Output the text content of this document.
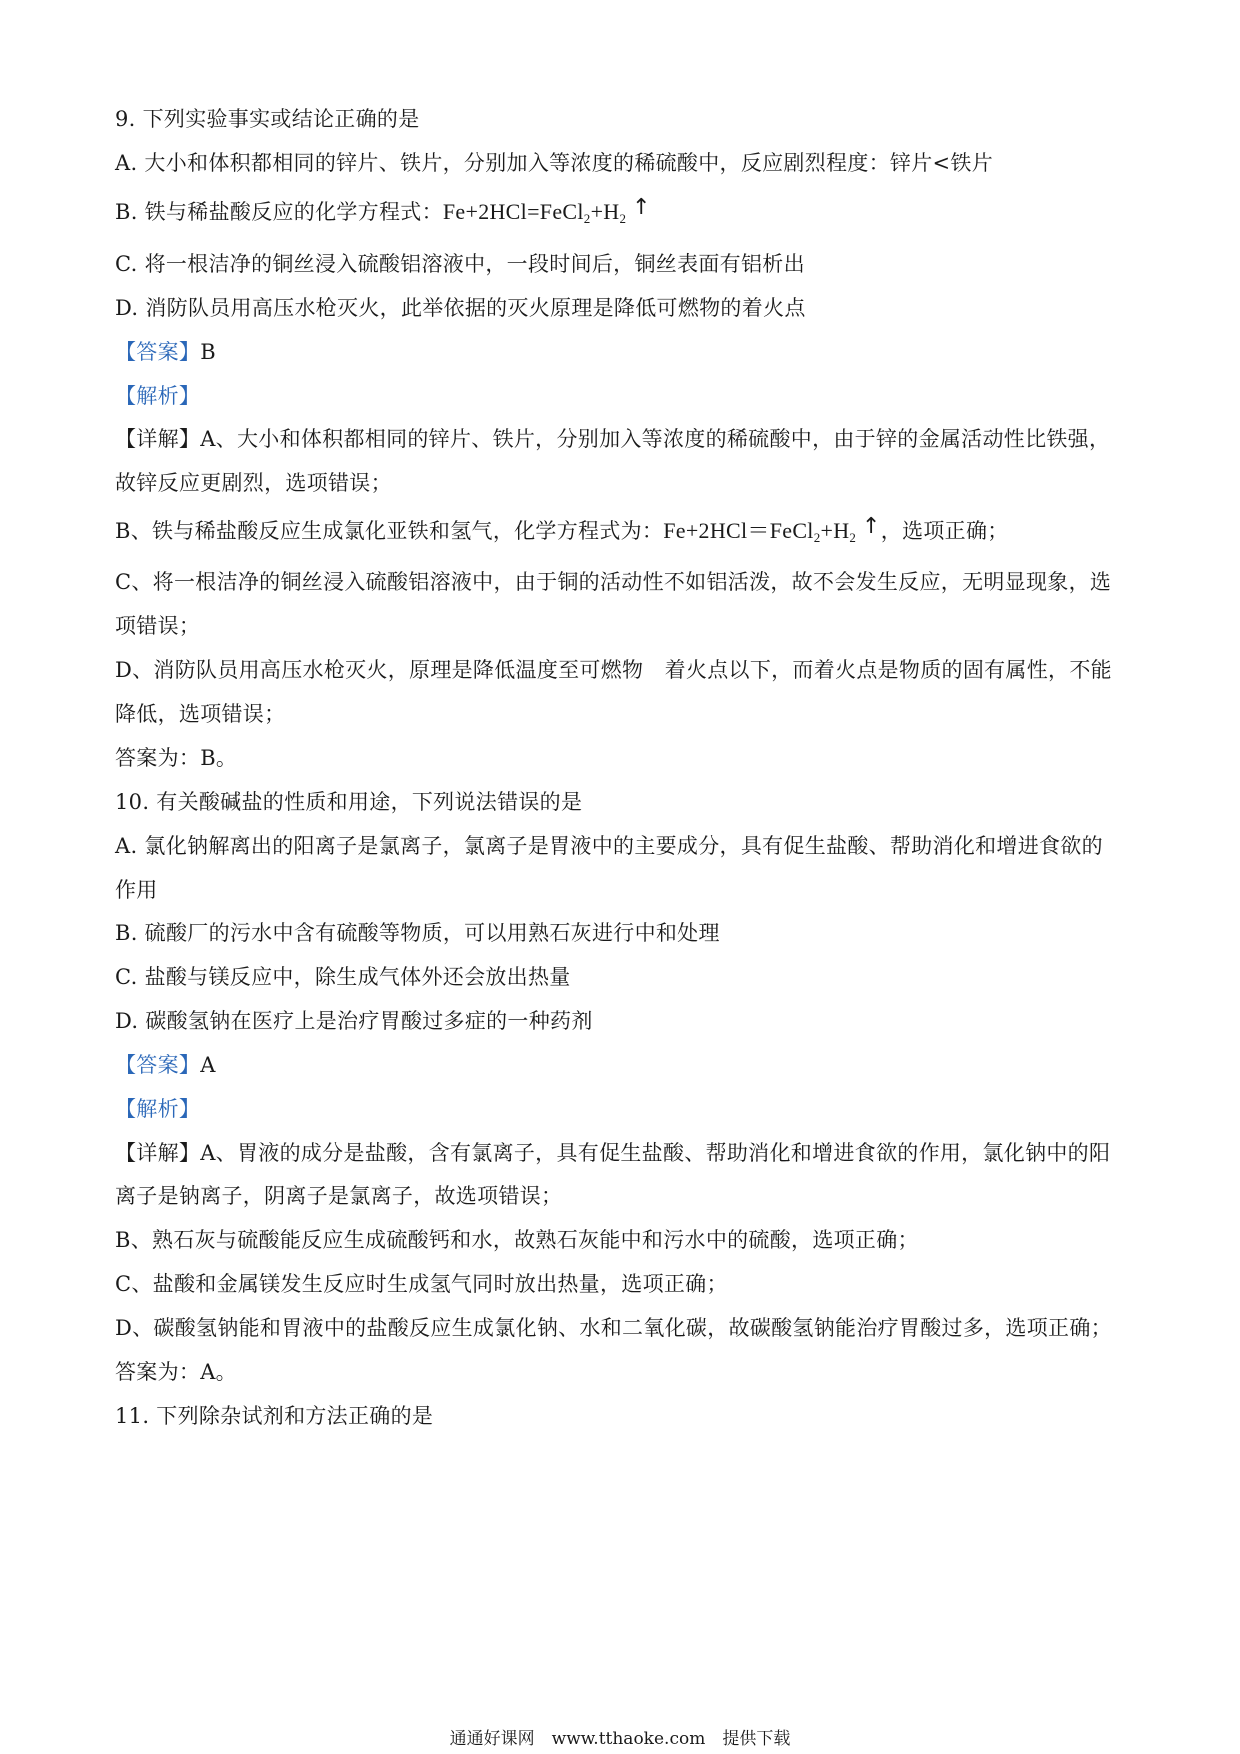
9. 下列实验事实或结论正确的是
A. 大小和体积都相同的锌片、铁片，分别加入等浓度的稀硫酸中，反应剧烈程度：锌片<铁片
B. 铁与稀盐酸反应的化学方程式：$Fe+2HCl=FeCl_2+H_2$ ↑
C. 将一根洁净的铜丝浸入硫酸铝溶液中，一段时间后，铜丝表面有铝析出
D. 消防队员用高压水枪灭火，此举依据的灭火原理是降低可燃物的着火点
【答案】B
【解析】
【详解】A、大小和体积都相同的锌片、铁片，分别加入等浓度的稀硫酸中，由于锌的金属活动性比铁强，
故锌反应更剧烈，选项错误；
B、铁与稀盐酸反应生成氯化亚铁和氢气，化学方程式为：$Fe+2HCl=FeCl_2+H_2$ ↑，选项正确；
C、将一根洁净的铜丝浸入硫酸铝溶液中，由于铜的活动性不如铝活泼，故不会发生反应，无明显现象，选
项错误；
D、消防队员用高压水枪灭火，原理是降低温度至可燃物　着火点以下，而着火点是物质的固有属性，不能
降低，选项错误；
答案为：B。
10. 有关酸碱盐的性质和用途，下列说法错误的是
A. 氯化钠解离出的阳离子是氯离子，氯离子是胃液中的主要成分，具有促生盐酸、帮助消化和增进食欲的
作用
B. 硫酸厂的污水中含有硫酸等物质，可以用熟石灰进行中和处理
C. 盐酸与镁反应中，除生成气体外还会放出热量
D. 碳酸氢钠在医疗上是治疗胃酸过多症的一种药剂
【答案】A
【解析】
【详解】A、胃液的成分是盐酸，含有氯离子，具有促生盐酸、帮助消化和增进食欲的作用，氯化钠中的阳
离子是钠离子，阴离子是氯离子，故选项错误；
B、熟石灰与硫酸能反应生成硫酸钙和水，故熟石灰能中和污水中的硫酸，选项正确；
C、盐酸和金属镁发生反应时生成氢气同时放出热量，选项正确；
D、碳酸氢钠能和胃液中的盐酸反应生成氯化钠、水和二氧化碳，故碳酸氢钠能治疗胃酸过多，选项正确；
答案为：A。
11. 下列除杂试剂和方法正确的是
通通好课网　www.tthaoke.com　提供下载
